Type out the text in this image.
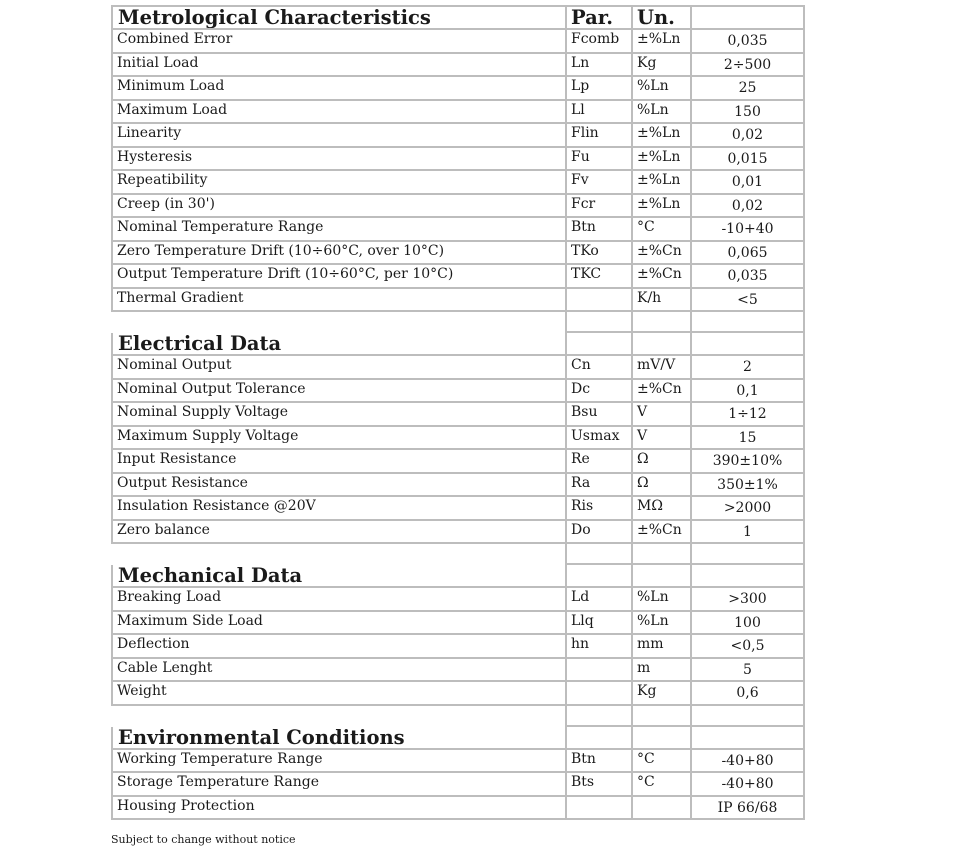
Metrological Characteristics	Par.	Un.	
Combined Error	Fcomb	±%Ln	0,035
Initial Load	Ln	Kg	2÷500
Minimum Load	Lp	%Ln	25
Maximum Load	Ll	%Ln	150
Linearity	Flin	±%Ln	0,02
Hysteresis	Fu	±%Ln	0,015
Repeatibility	Fv	±%Ln	0,01
Creep (in 30')	Fcr	±%Ln	0,02
Nominal Temperature Range	Btn	°C	-10+40
Zero Temperature Drift (10÷60°C, over 10°C)	TKo	±%Cn	0,065
Output Temperature Drift (10÷60°C, per 10°C)	TKC	±%Cn	0,035
Thermal Gradient		K/h	<5

Electrical Data			
Nominal Output	Cn	mV/V	2
Nominal Output Tolerance	Dc	±%Cn	0,1
Nominal Supply Voltage	Bsu	V	1÷12
Maximum Supply Voltage	Usmax	V	15
Input Resistance	Re	Ω	390±10%
Output Resistance	Ra	Ω	350±1%
Insulation Resistance @20V	Ris	MΩ	>2000
Zero balance	Do	±%Cn	1

Mechanical Data			
Breaking Load	Ld	%Ln	>300
Maximum Side Load	Llq	%Ln	100
Deflection	hn	mm	<0,5
Cable Lenght		m	5
Weight		Kg	0,6

Environmental Conditions			
Working Temperature Range	Btn	°C	-40+80
Storage Temperature Range	Bts	°C	-40+80
Housing Protection			IP 66/68
Subject to change without notice
